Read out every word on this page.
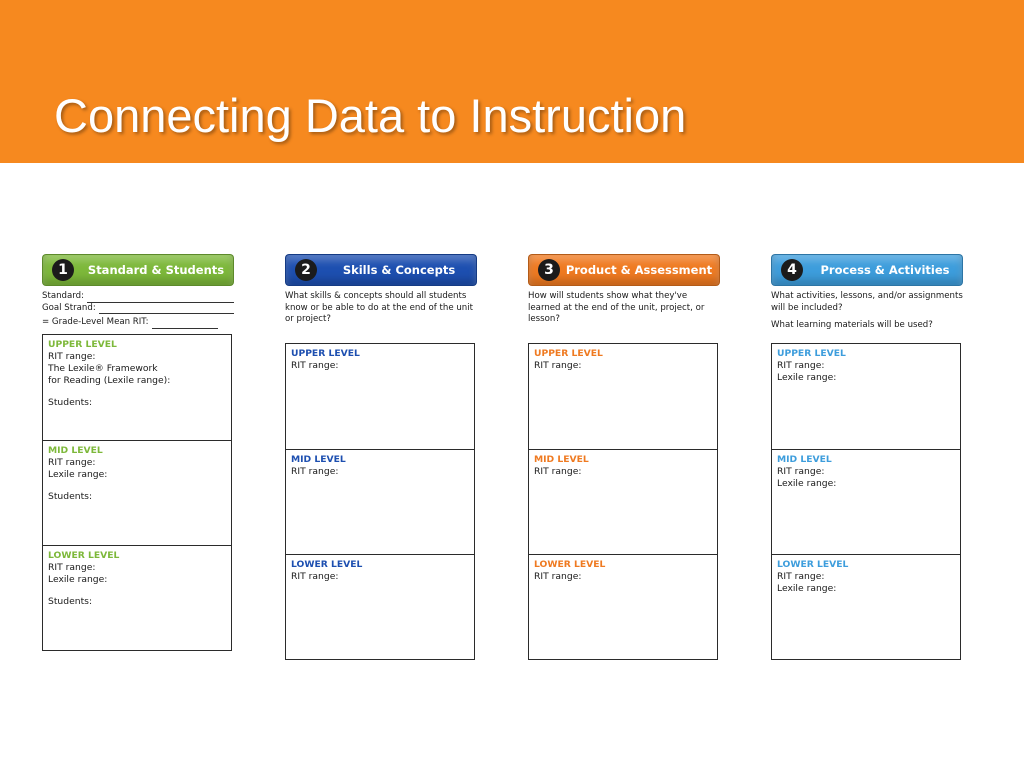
Connecting Data to Instruction
1	Standard & Students
Standard:
Goal Strand:
= Grade-Level Mean RIT:
UPPER LEVEL
RIT range:
The Lexile® Framework
for Reading (Lexile range):
Students:
MID LEVEL
RIT range:
Lexile range:
Students:
LOWER LEVEL
RIT range:
Lexile range:
Students:
2	Skills & Concepts

What skills & concepts should all students know or be able to do at the end of the unit or project?

UPPER LEVEL
RIT range:
MID LEVEL
RIT range:
LOWER LEVEL
RIT range:
3	Product & Assessment

How will students show what they've learned at the end of the unit, project, or lesson?

UPPER LEVEL
RIT range:
MID LEVEL
RIT range:
LOWER LEVEL
RIT range:
4	Process & Activities

What activities, lessons, and/or assignments will be included?

What learning materials will be used?

UPPER LEVEL
RIT range:
Lexile range:
MID LEVEL
RIT range:
Lexile range:
LOWER LEVEL
RIT range:
Lexile range:
